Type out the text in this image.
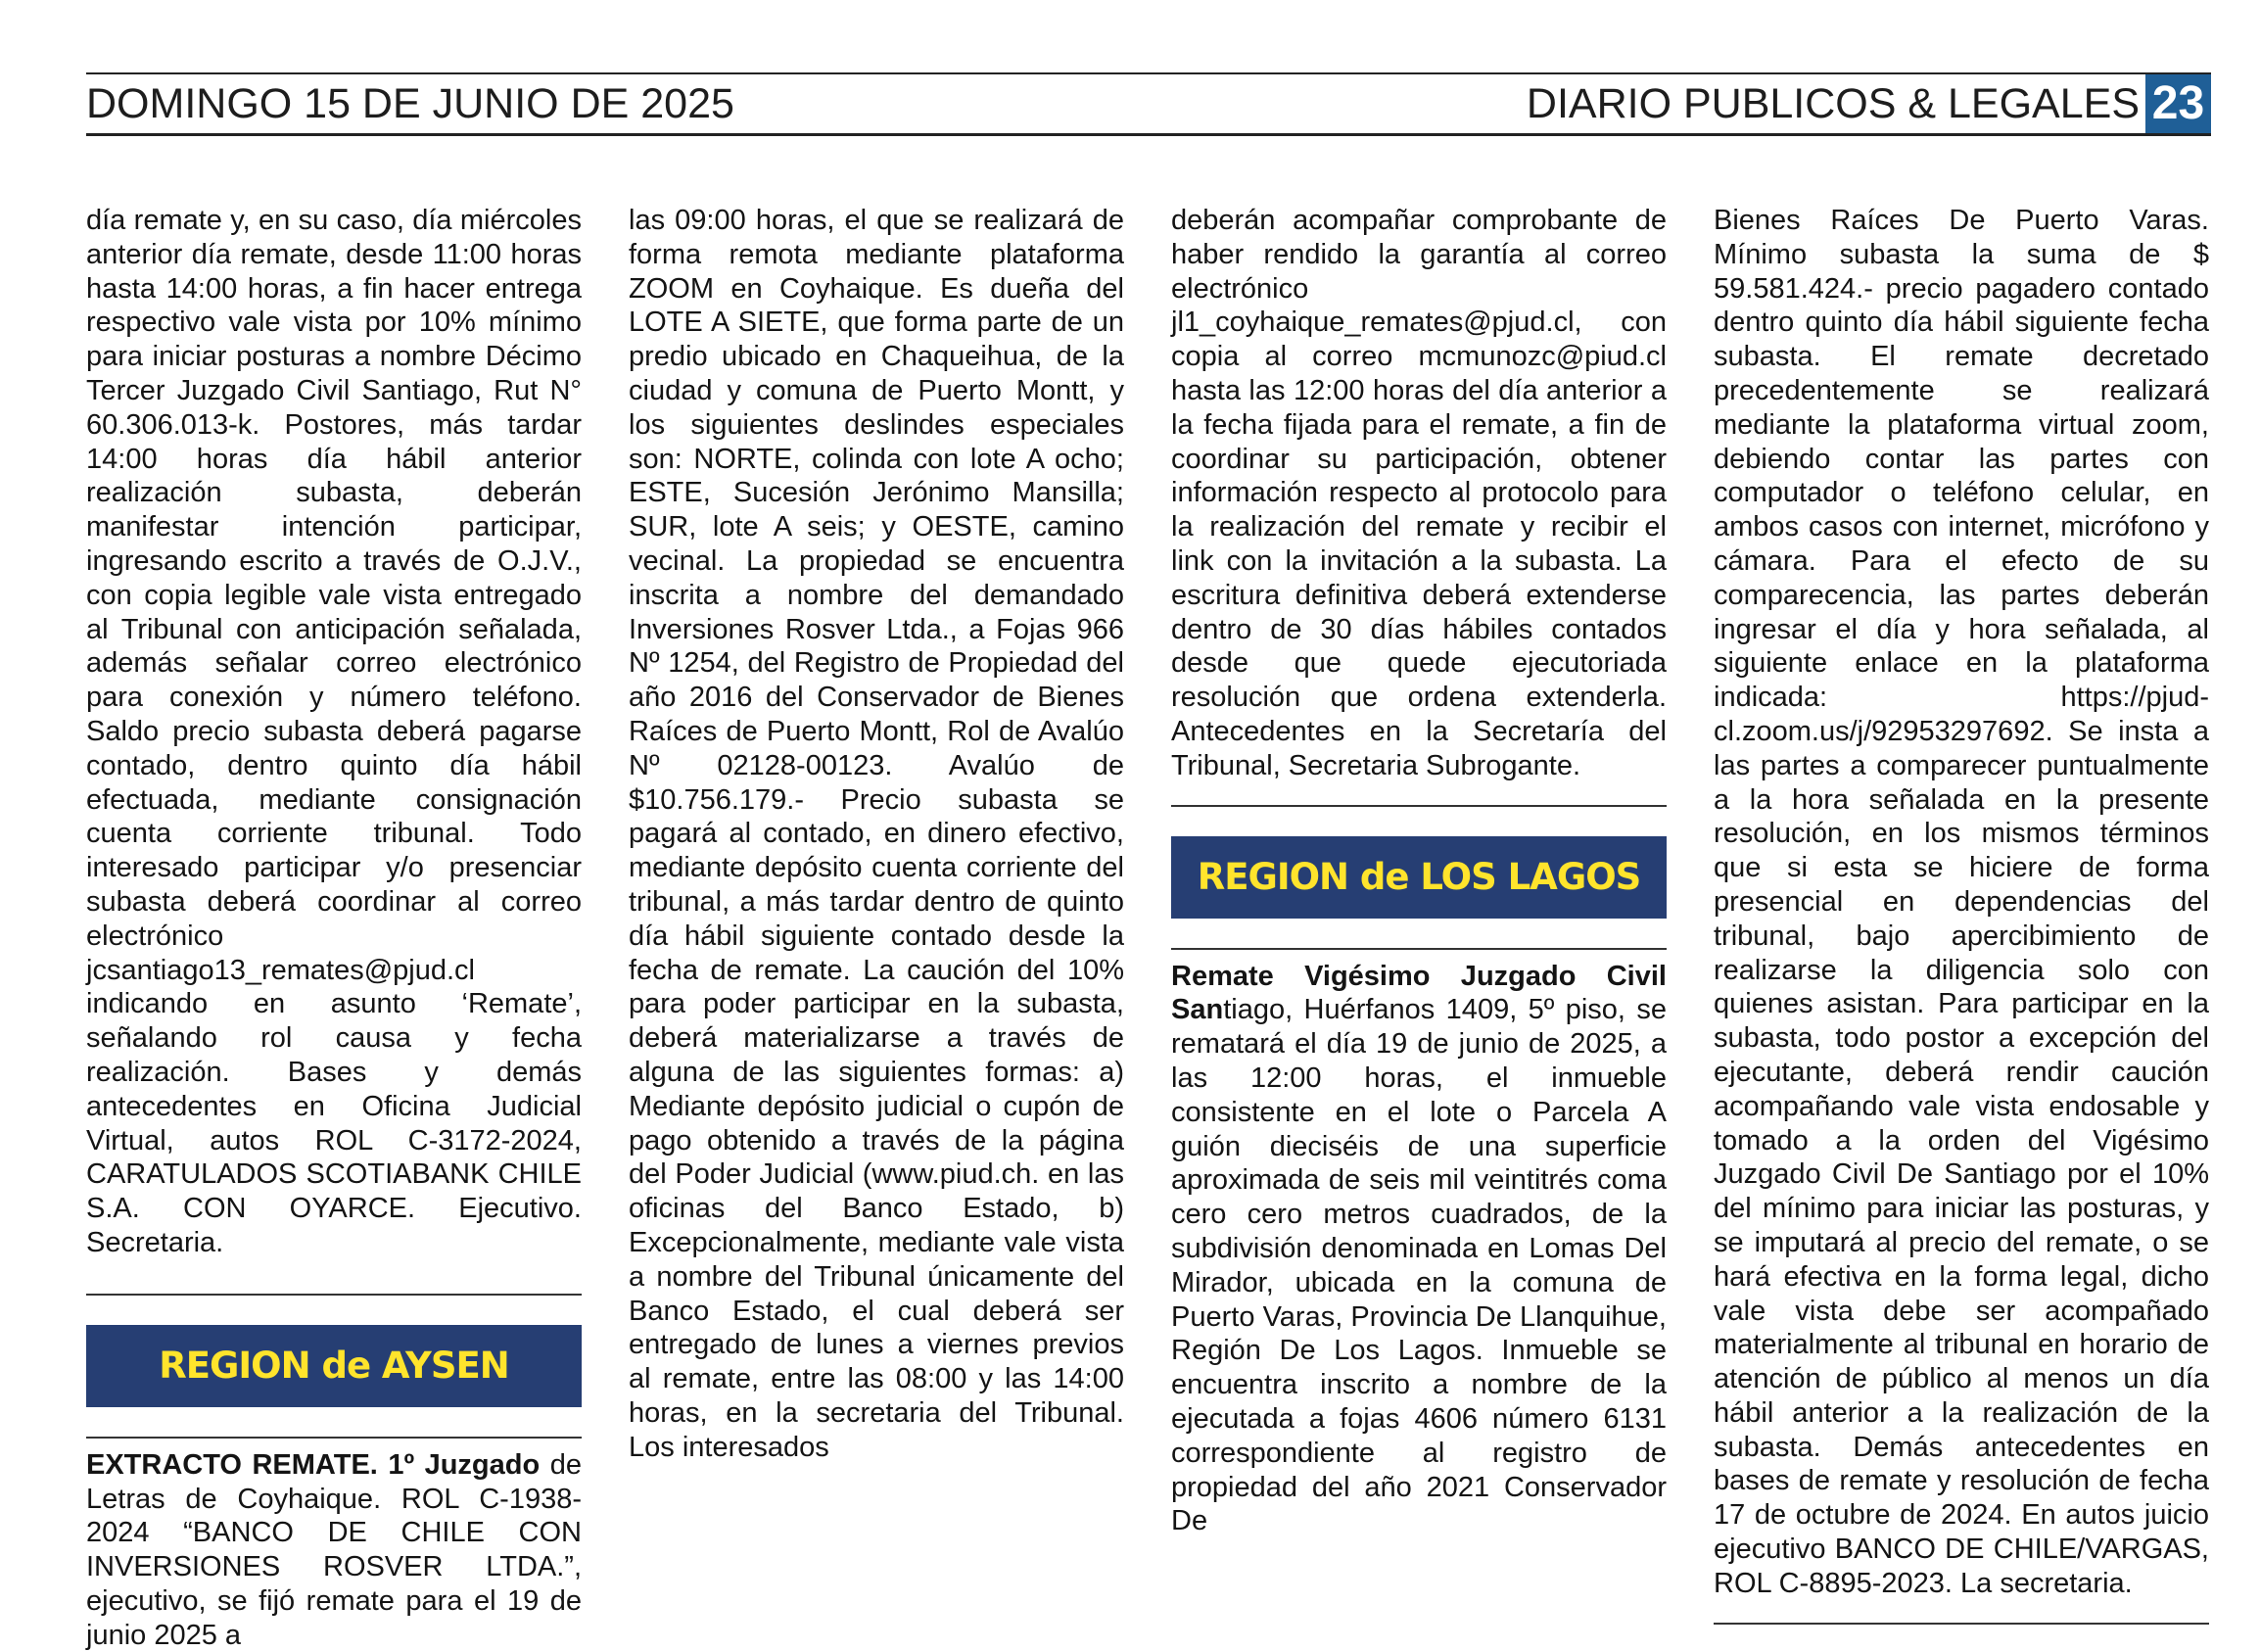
DOMINGO 15 DE JUNIO DE 2025	DIARIO PUBLICOS & LEGALES 23

día remate y, en su caso, día miércoles anterior día remate, desde 11:00 horas hasta 14:00 horas, a fin hacer entrega respectivo vale vista por 10% mínimo para iniciar posturas a nombre Décimo Tercer Juzgado Civil Santiago, Rut N° 60.306.013-k. Postores, más tardar 14:00 horas día hábil anterior realización subasta, deberán manifestar intención participar, ingresando escrito a través de O.J.V., con copia legible vale vista entregado al Tribunal con anticipación señalada, además señalar correo electrónico para conexión y número teléfono. Saldo precio subasta deberá pagarse contado, dentro quinto día hábil efectuada, mediante consignación cuenta corriente tribunal. Todo interesado participar y/o presenciar subasta deberá coordinar al correo electrónico jcsantiago13_remates@pjud.cl indicando en asunto ‘Remate’, señalando rol causa y fecha realización. Bases y demás antecedentes en Oficina Judicial Virtual, autos ROL C-3172-2024, CARATULADOS SCOTIABANK CHILE S.A. CON OYARCE. Ejecutivo. Secretaria.

REGION de AYSEN

EXTRACTO REMATE. 1º Juzgado de Letras de Coyhaique. ROL C-1938-2024 “BANCO DE CHILE CON INVERSIONES ROSVER LTDA.”, ejecutivo, se fijó remate para el 19 de junio 2025 a

las 09:00 horas, el que se realizará de forma remota mediante plataforma ZOOM en Coyhaique. Es dueña del LOTE A SIETE, que forma parte de un predio ubicado en Chaqueihua, de la ciudad y comuna de Puerto Montt, y los siguientes deslindes especiales son: NORTE, colinda con lote A ocho; ESTE, Sucesión Jerónimo Mansilla; SUR, lote A seis; y OESTE, camino vecinal. La propiedad se encuentra inscrita a nombre del demandado Inversiones Rosver Ltda., a Fojas 966 Nº 1254, del Registro de Propiedad del año 2016 del Conservador de Bienes Raíces de Puerto Montt, Rol de Avalúo Nº 02128-00123. Avalúo de $10.756.179.- Precio subasta se pagará al contado, en dinero efectivo, mediante depósito cuenta corriente del tribunal, a más tardar dentro de quinto día hábil siguiente contado desde la fecha de remate. La caución del 10% para poder participar en la subasta, deberá materializarse a través de alguna de las siguientes formas: a) Mediante depósito judicial o cupón de pago obtenido a través de la página del Poder Judicial (www.piud.ch. en las oficinas del Banco Estado, b) Excepcionalmente, mediante vale vista a nombre del Tribunal únicamente del Banco Estado, el cual deberá ser entregado de lunes a viernes previos al remate, entre las 08:00 y las 14:00 horas, en la secretaria del Tribunal. Los interesados

deberán acompañar comprobante de haber rendido la garantía al correo electrónico jl1_coyhaique_remates@pjud.cl, con copia al correo mcmunozc@piud.cl hasta las 12:00 horas del día anterior a la fecha fijada para el remate, a fin de coordinar su participación, obtener información respecto al protocolo para la realización del remate y recibir el link con la invitación a la subasta. La escritura definitiva deberá extenderse dentro de 30 días hábiles contados desde que quede ejecutoriada resolución que ordena extenderla. Antecedentes en la Secretaría del Tribunal, Secretaria Subrogante.

REGION de LOS LAGOS

Remate Vigésimo Juzgado Civil Santiago, Huérfanos 1409, 5º piso, se rematará el día 19 de junio de 2025, a las 12:00 horas, el inmueble consistente en el lote o Parcela A guión dieciséis de una superficie aproximada de seis mil veintitrés coma cero cero metros cuadrados, de la subdivisión denominada en Lomas Del Mirador, ubicada en la comuna de Puerto Varas, Provincia De Llanquihue, Región De Los Lagos. Inmueble se encuentra inscrito a nombre de la ejecutada a fojas 4606 número 6131 correspondiente al registro de propiedad del año 2021 Conservador De

Bienes Raíces De Puerto Varas. Mínimo subasta la suma de $ 59.581.424.- precio pagadero contado dentro quinto día hábil siguiente fecha subasta. El remate decretado precedentemente se realizará mediante la plataforma virtual zoom, debiendo contar las partes con computador o teléfono celular, en ambos casos con internet, micrófono y cámara. Para el efecto de su comparecencia, las partes deberán ingresar el día y hora señalada, al siguiente enlace en la plataforma indicada: https://pjud-cl.zoom.us/j/92953297692. Se insta a las partes a comparecer puntualmente a la hora señalada en la presente resolución, en los mismos términos que si esta se hiciere de forma presencial en dependencias del tribunal, bajo apercibimiento de realizarse la diligencia solo con quienes asistan. Para participar en la subasta, todo postor a excepción del ejecutante, deberá rendir caución acompañando vale vista endosable y tomado a la orden del Vigésimo Juzgado Civil De Santiago por el 10% del mínimo para iniciar las posturas, y se imputará al precio del remate, o se hará efectiva en la forma legal, dicho vale vista debe ser acompañado materialmente al tribunal en horario de atención de público al menos un día hábil anterior a la realización de la subasta. Demás antecedentes en bases de remate y resolución de fecha 17 de octubre de 2024. En autos juicio ejecutivo BANCO DE CHILE/VARGAS, ROL C-8895-2023. La secretaria.
